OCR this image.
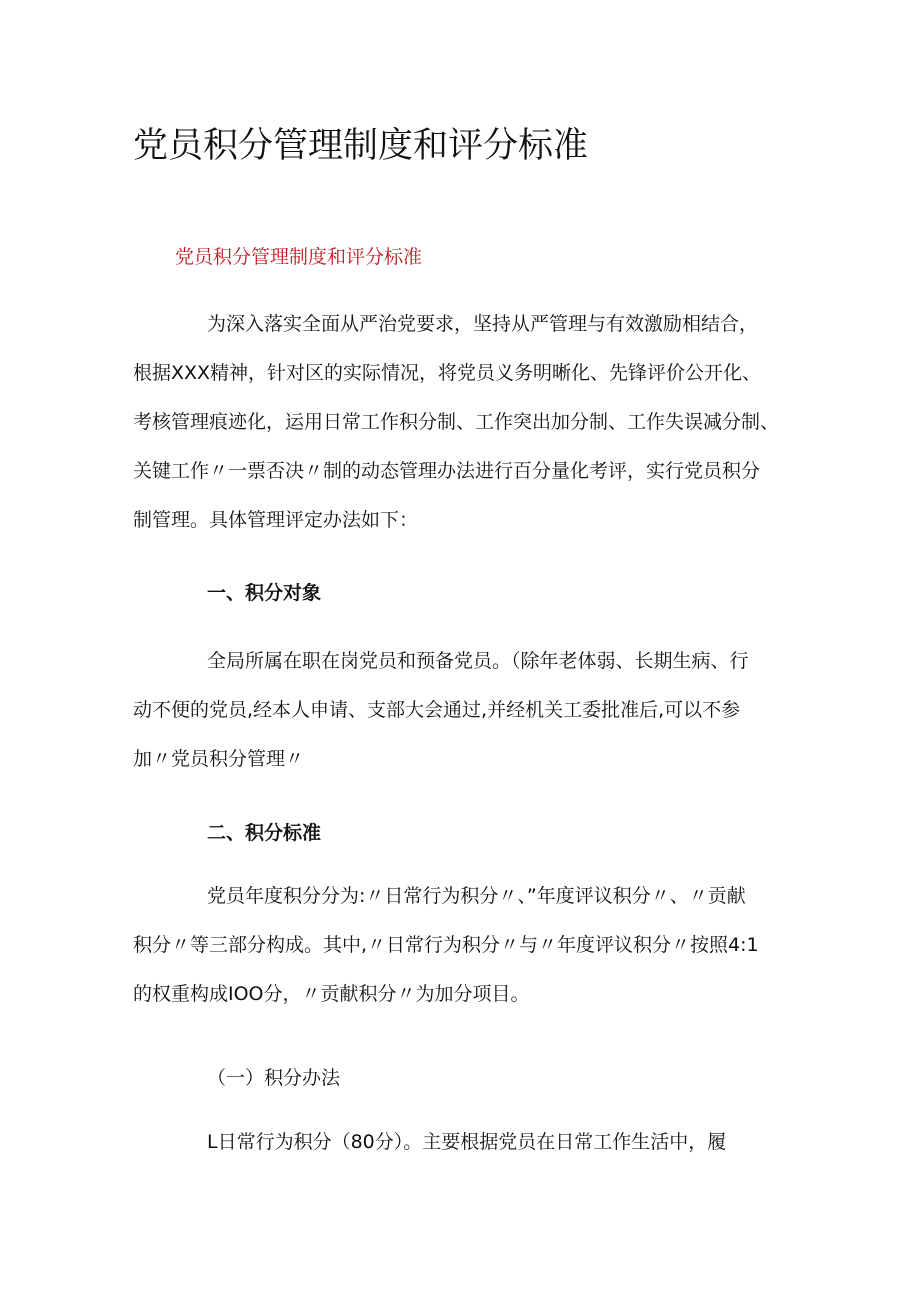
党员积分管理制度和评分标准

党员积分管理制度和评分标准

为深入落实全面从严治党要求，坚持从严管理与有效激励相结合，
根据XXX精神，针对区的实际情况，将党员义务明晰化、先锋评价公开化、
考核管理痕迹化，运用日常工作积分制、工作突出加分制、工作失误减分制、
关键工作〃一票否决〃制的动态管理办法进行百分量化考评，实行党员积分
制管理。具体管理评定办法如下：

一、积分对象

全局所属在职在岗党员和预备党员。（除年老体弱、长期生病、行
动不便的党员,经本人申请、支部大会通过,并经机关工委批准后,可以不参
加〃党员积分管理〃

二、积分标准

党员年度积分分为:〃日常行为积分〃、”年度评议积分〃、〃贡献
积分〃等三部分构成。其中,〃日常行为积分〃与〃年度评议积分〃按照4:1
的权重构成IOO分，〃贡献积分〃为加分项目。

（一）积分办法

L日常行为积分（80分）。主要根据党员在日常工作生活中，履
